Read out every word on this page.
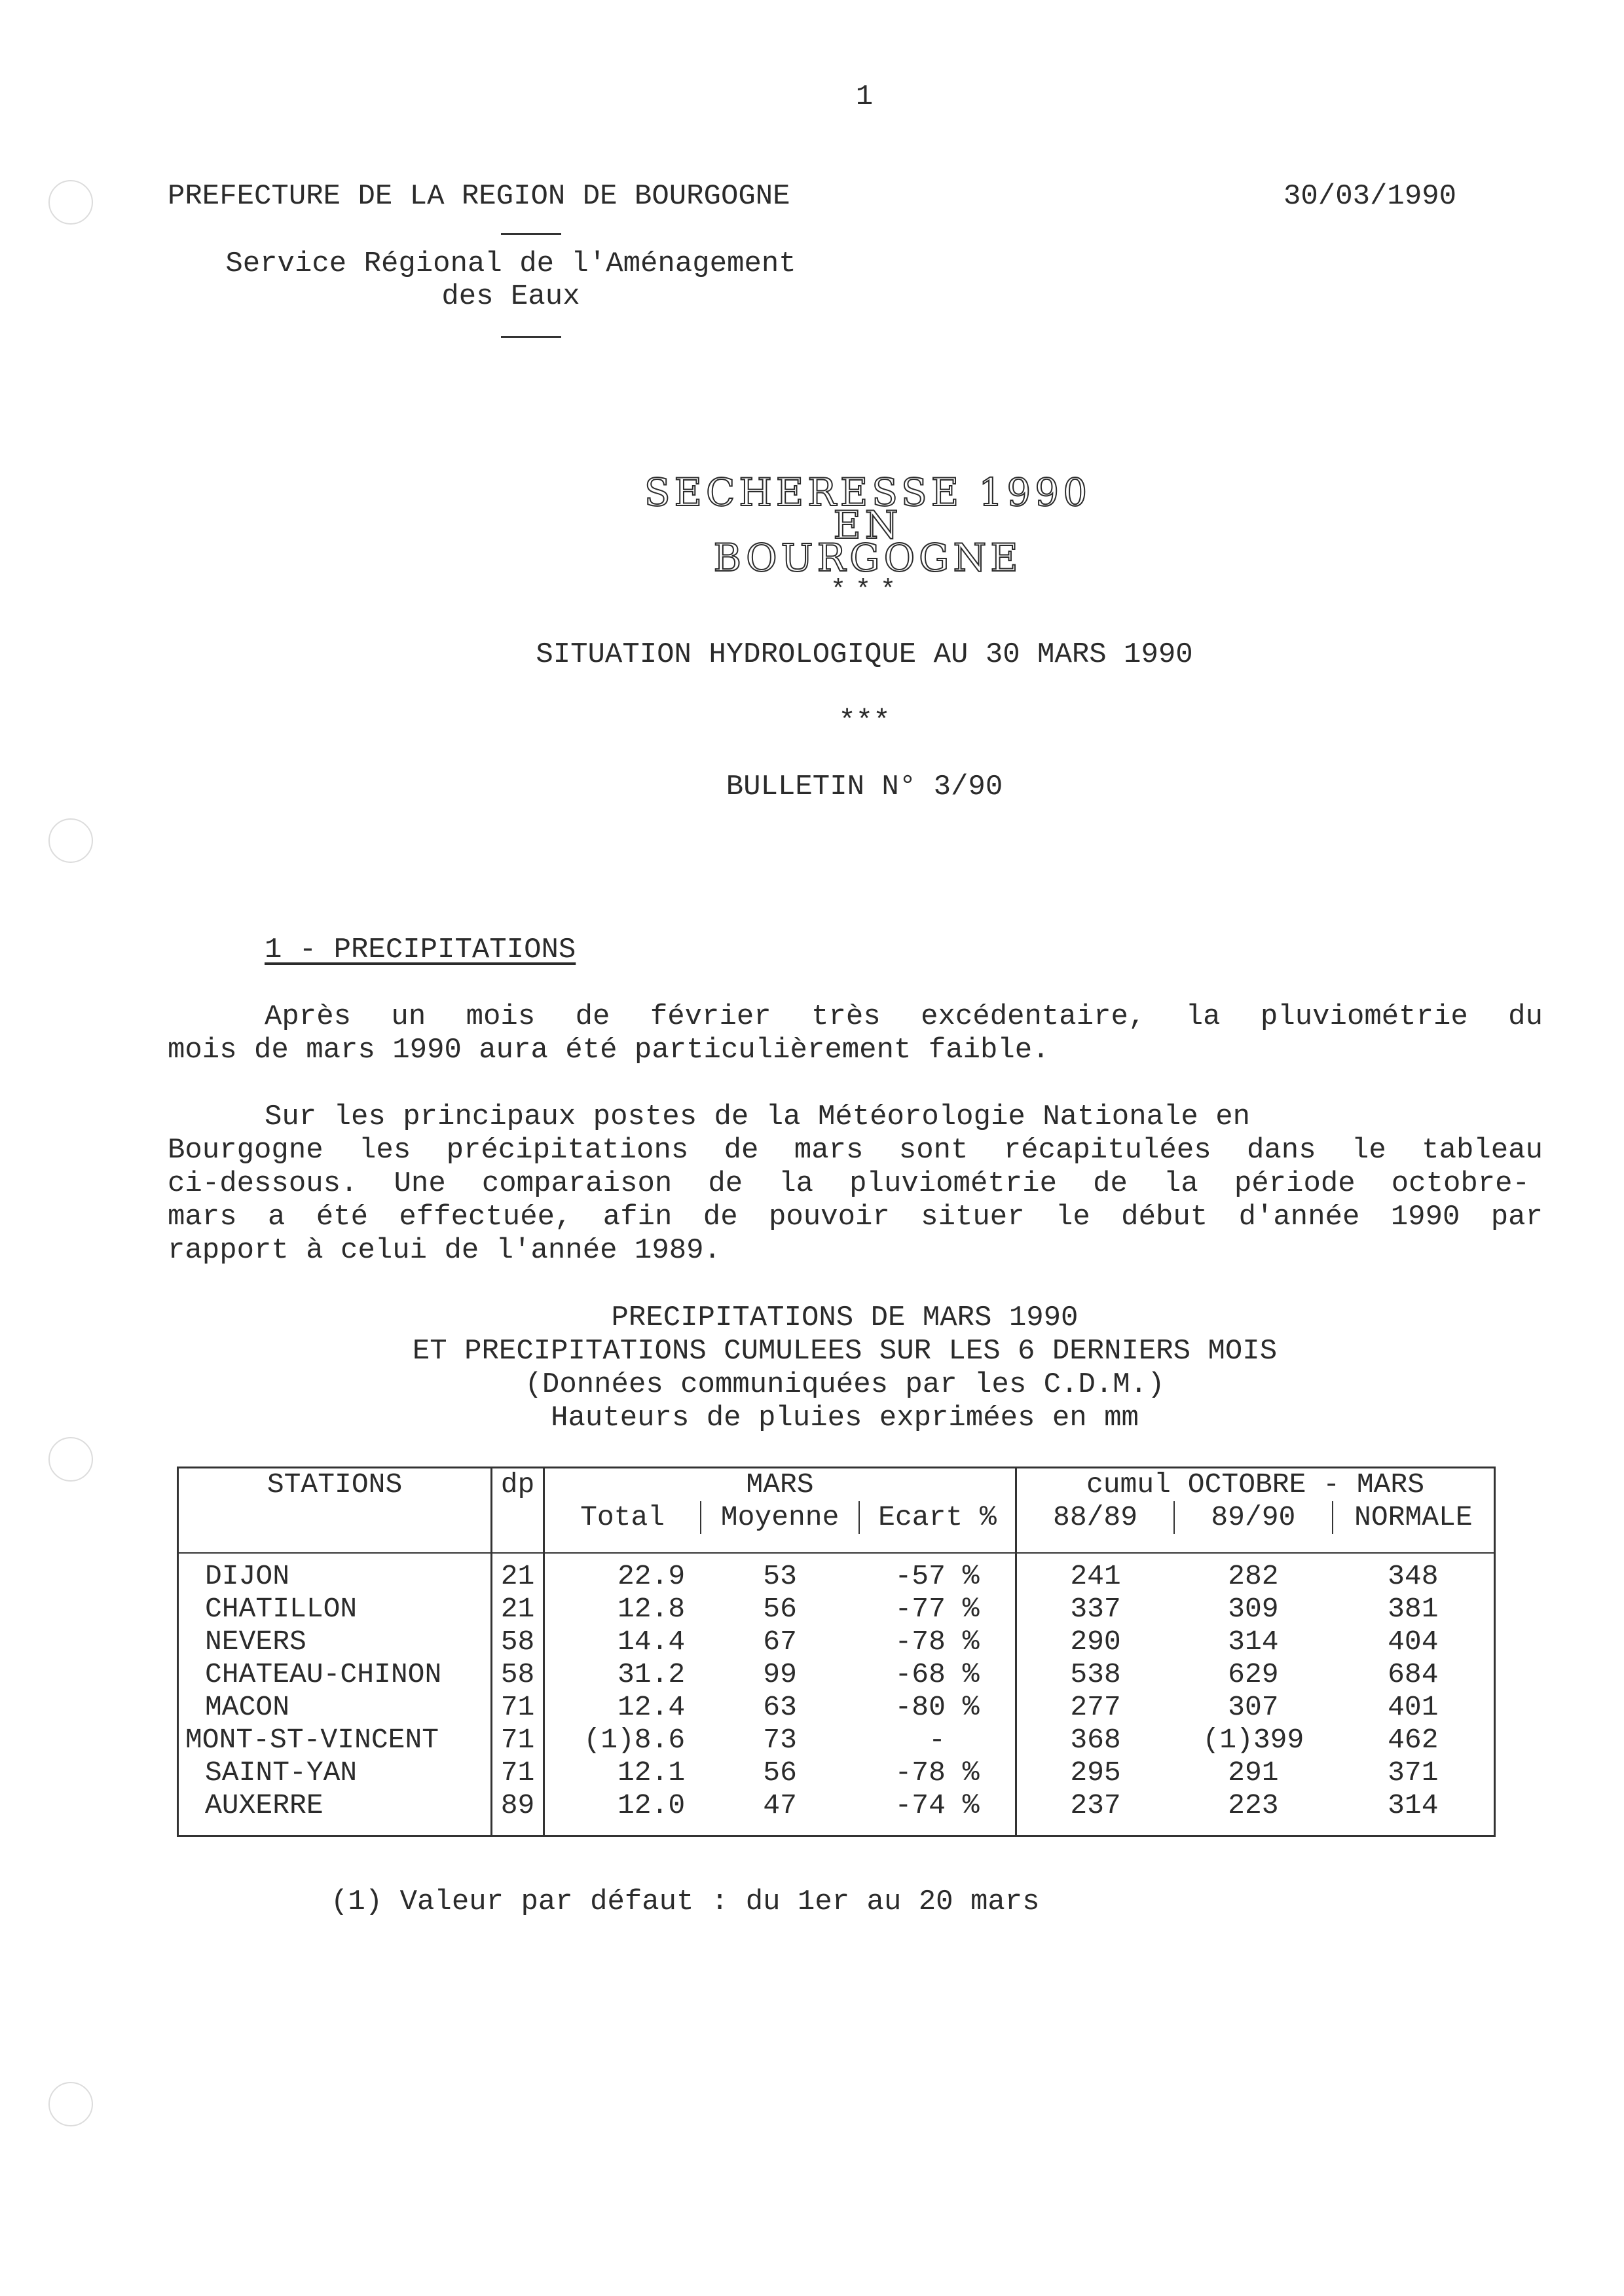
1
PREFECTURE DE LA REGION DE BOURGOGNE	30/03/1990
Service Régional de l'Aménagement
des Eaux
SECHERESSE 1990
EN
BOURGOGNE
***
SITUATION HYDROLOGIQUE AU 30 MARS 1990
***
BULLETIN N° 3/90
1 - PRECIPITATIONS
Après un mois de février très excédentaire, la pluviométrie du
mois de mars 1990 aura été particulièrement faible.
Sur les principaux postes de la Météorologie Nationale en
Bourgogne les précipitations de mars sont récapitulées dans le tableau
ci-dessous. Une comparaison de la pluviométrie de la période octobre-
mars a été effectuée, afin de pouvoir situer le début d'année 1990 par
rapport à celui de l'année 1989.
PRECIPITATIONS DE MARS 1990
ET PRECIPITATIONS CUMULEES SUR LES 6 DERNIERS MOIS
(Données communiquées par les C.D.M.)
Hauteurs de pluies exprimées en mm
STATIONS	dp	MARS			cumul OCTOBRE - MARS		
		Total	Moyenne	Ecart %	88/89	89/90	NORMALE

DIJON	21	22.9	53	-57 %	241	282	348
CHATILLON	21	12.8	56	-77 %	337	309	381
NEVERS	58	14.4	67	-78 %	290	314	404
CHATEAU-CHINON	58	31.2	99	-68 %	538	629	684
MACON	71	12.4	63	-80 %	277	307	401
MONT-ST-VINCENT	71	(1)8.6	73	-	368	(1)399	462
SAINT-YAN	71	12.1	56	-78 %	295	291	371
AUXERRE	89	12.0	47	-74 %	237	223	314

(1) Valeur par défaut : du 1er au 20 mars
